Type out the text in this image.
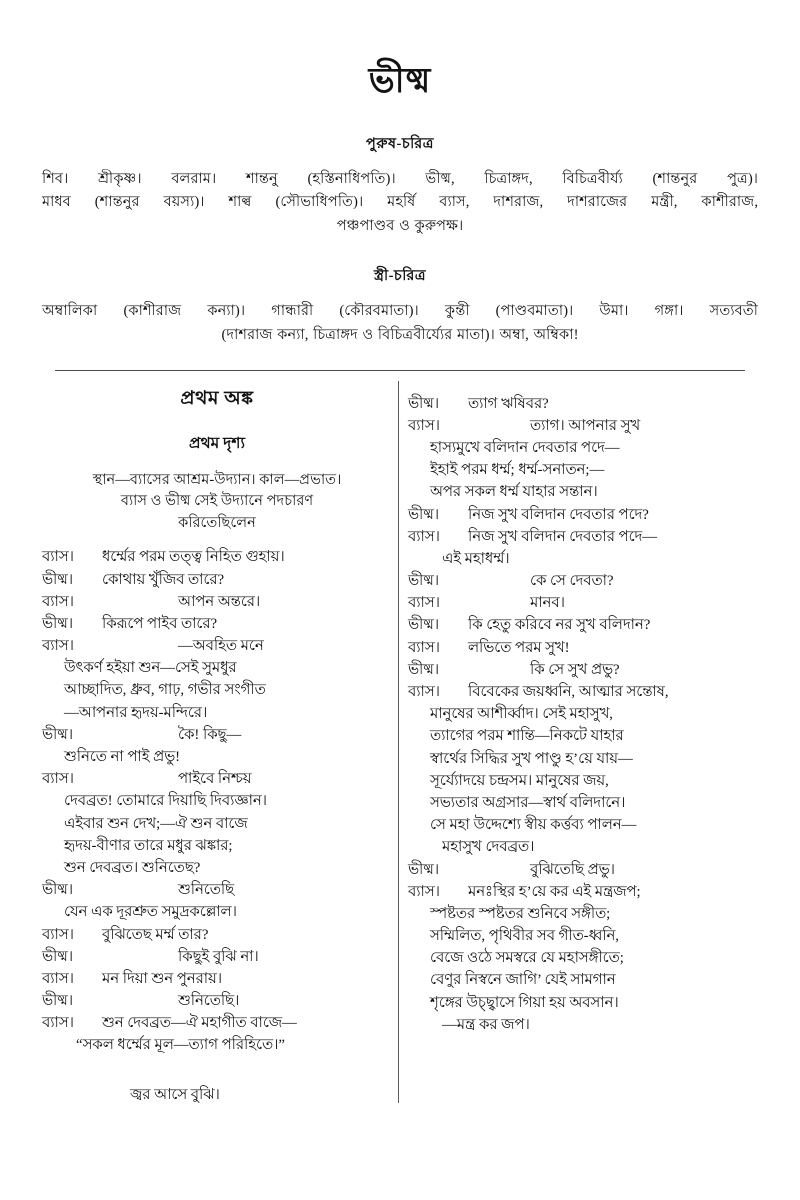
ভীষ্ম
পুরুষ-চরিত্র
শিব। শ্রীকৃষ্ণ। বলরাম। শান্তনু (হস্তিনাধিপতি)। ভীষ্ম, চিত্রাঙ্গদ, বিচিত্রবীর্য্য (শান্তনুর পুত্র)।
মাধব (শান্তনুর বয়স্য)। শাল্ব (সৌভাধিপতি)। মহর্ষি ব্যাস, দাশরাজ, দাশরাজের মন্ত্রী, কাশীরাজ,
পঞ্চপাণ্ডব ও কুরুপক্ষ।
স্ত্রী-চরিত্র
অম্বালিকা (কাশীরাজ কন্যা)। গান্ধারী (কৌরবমাতা)। কুন্তী (পাণ্ডবমাতা)। উমা। গঙ্গা। সত্যবতী
(দাশরাজ কন্যা, চিত্রাঙ্গদ ও বিচিত্রবীর্য্যের মাতা)। অম্বা, অম্বিকা!
প্রথম অঙ্ক
প্রথম দৃশ্য
স্থান—ব্যাসের আশ্রম-উদ্যান। কাল—প্রভাত।
ব্যাস ও ভীষ্ম সেই উদ্যানে পদচারণ
করিতেছিলেন
ব্যাস। ধর্ম্মের পরম তত্ত্ব নিহিত গুহায়।
ভীষ্ম। কোথায় খুঁজিব তারে?
ব্যাস।	আপন অন্তরে।
ভীষ্ম। কিরূপে পাইব তারে?
ব্যাস।	—অবহিত মনে
উৎকর্ণ হইয়া শুন—সেই সুমধুর
আচ্ছাদিত, ধ্রুব, গাঢ়, গভীর সংগীত
—আপনার হৃদয়-মন্দিরে।
ভীষ্ম।	কৈ! কিছু—
শুনিতে না পাই প্রভু!
ব্যাস।	পাইবে নিশ্চয়
দেবব্রত! তোমারে দিয়াছি দিব্যজ্ঞান।
এইবার শুন দেখ;—ঐ শুন বাজে
হৃদয়-বীণার তারে মধুর ঝঙ্কার;
শুন দেবব্রত। শুনিতেছ?
ভীষ্ম।	শুনিতেছি
যেন এক দূরশ্রুত সমুদ্রকল্লোল।
ব্যাস। বুঝিতেছ মর্ম্ম তার?
ভীষ্ম।	কিছুই বুঝি না।
ব্যাস। মন দিয়া শুন পুনরায়।
ভীষ্ম।	শুনিতেছি।
ব্যাস। শুন দেবব্রত—ঐ মহাগীত বাজে—
“সকল ধর্ম্মের মূল—ত্যাগ পরিহিতে।”
জ্বর আসে বুঝি।
ভীষ্ম। ত্যাগ ঋষিবর?
ব্যাস।	ত্যাগ। আপনার সুখ
হাস্যমুখে বলিদান দেবতার পদে—
ইহাই পরম ধর্ম্ম; ধর্ম্ম-সনাতন;—
অপর সকল ধর্ম্ম যাহার সন্তান।
ভীষ্ম। নিজ সুখ বলিদান দেবতার পদে?
ব্যাস। নিজ সুখ বলিদান দেবতার পদে—
এই মহাধর্ম্ম।
ভীষ্ম।	কে সে দেবতা?
ব্যাস।	মানব।
ভীষ্ম। কি হেতু করিবে নর সুখ বলিদান?
ব্যাস। লভিতে পরম সুখ!
ভীষ্ম।	কি সে সুখ প্রভু?
ব্যাস। বিবেকের জয়ধ্বনি, আত্মার সন্তোষ,
মানুষের আশীর্ব্বাদ। সেই মহাসুখ,
ত্যাগের পরম শান্তি—নিকটে যাহার
স্বার্থের সিদ্ধির সুখ পাণ্ডু হ’য়ে যায়—
সূর্য্যোদয়ে চন্দ্রসম। মানুষের জয়,
সভ্যতার অগ্রসার—স্বার্থ বলিদানে।
সে মহা উদ্দেশ্যে স্বীয় কর্ত্তব্য পালন—
মহাসুখ দেবব্রত।
ভীষ্ম।	বুঝিতেছি প্রভু।
ব্যাস। মনঃস্থির হ’য়ে কর এই মন্ত্রজপ;
স্পষ্টতর স্পষ্টতর শুনিবে সঙ্গীত;
সম্মিলিত, পৃথিবীর সব গীত-ধ্বনি,
বেজে ওঠে সমস্বরে যে মহাসঙ্গীতে;
বেণুর নিস্বনে জাগি’ যেই সামগান
শৃঙ্গের উচ্ছ্বাসে গিয়া হয় অবসান।
—মন্ত্র কর জপ।
